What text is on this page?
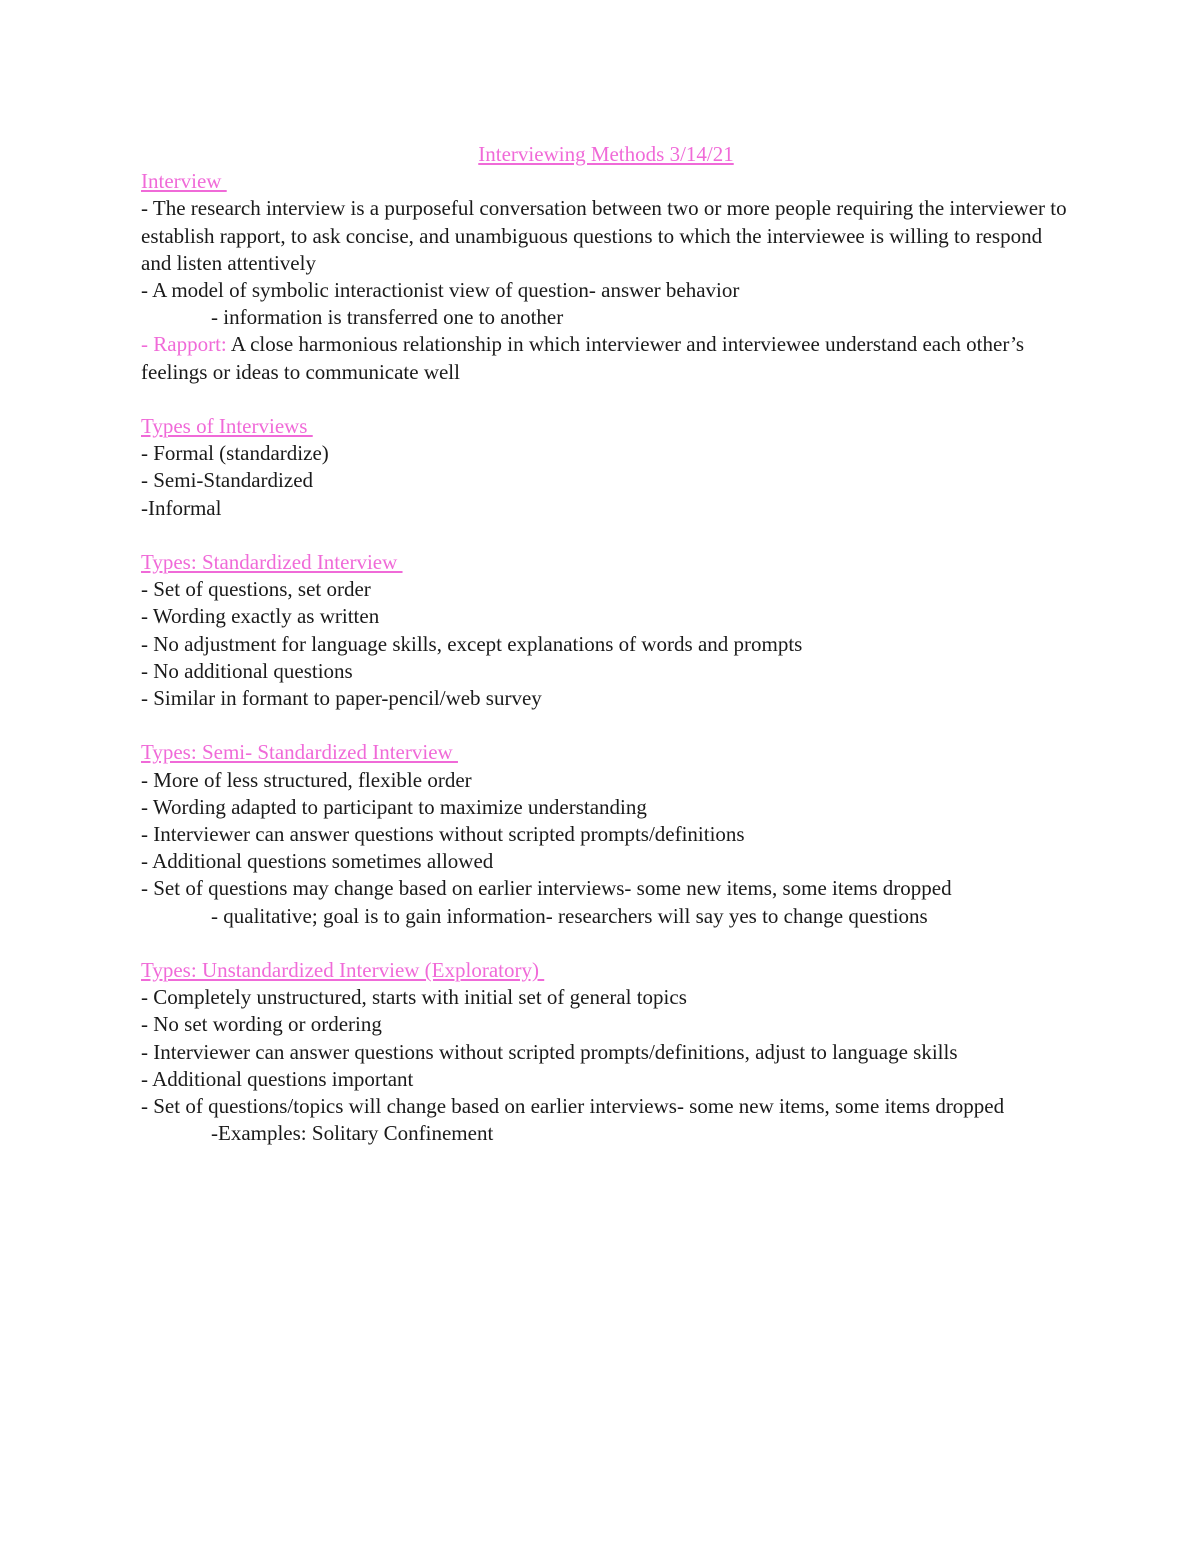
Interviewing Methods 3/14/21

Interview

- The research interview is a purposeful conversation between two or more people requiring the interviewer to establish rapport, to ask concise, and unambiguous questions to which the interviewee is willing to respond and listen attentively

- A model of symbolic interactionist view of question- answer behavior

- information is transferred one to another

- Rapport: A close harmonious relationship in which interviewer and interviewee understand each other’s feelings or ideas to communicate well

Types of Interviews

- Formal (standardize)

- Semi-Standardized

-Informal

Types: Standardized Interview

- Set of questions, set order

- Wording exactly as written

- No adjustment for language skills, except explanations of words and prompts

- No additional questions

- Similar in formant to paper-pencil/web survey

Types: Semi- Standardized Interview

- More of less structured, flexible order

- Wording adapted to participant to maximize understanding

- Interviewer can answer questions without scripted prompts/definitions

- Additional questions sometimes allowed

- Set of questions may change based on earlier interviews- some new items, some items dropped

- qualitative; goal is to gain information- researchers will say yes to change questions

Types: Unstandardized Interview (Exploratory)

- Completely unstructured, starts with initial set of general topics

- No set wording or ordering

- Interviewer can answer questions without scripted prompts/definitions, adjust to language skills

- Additional questions important

- Set of questions/topics will change based on earlier interviews- some new items, some items dropped

-Examples: Solitary Confinement
